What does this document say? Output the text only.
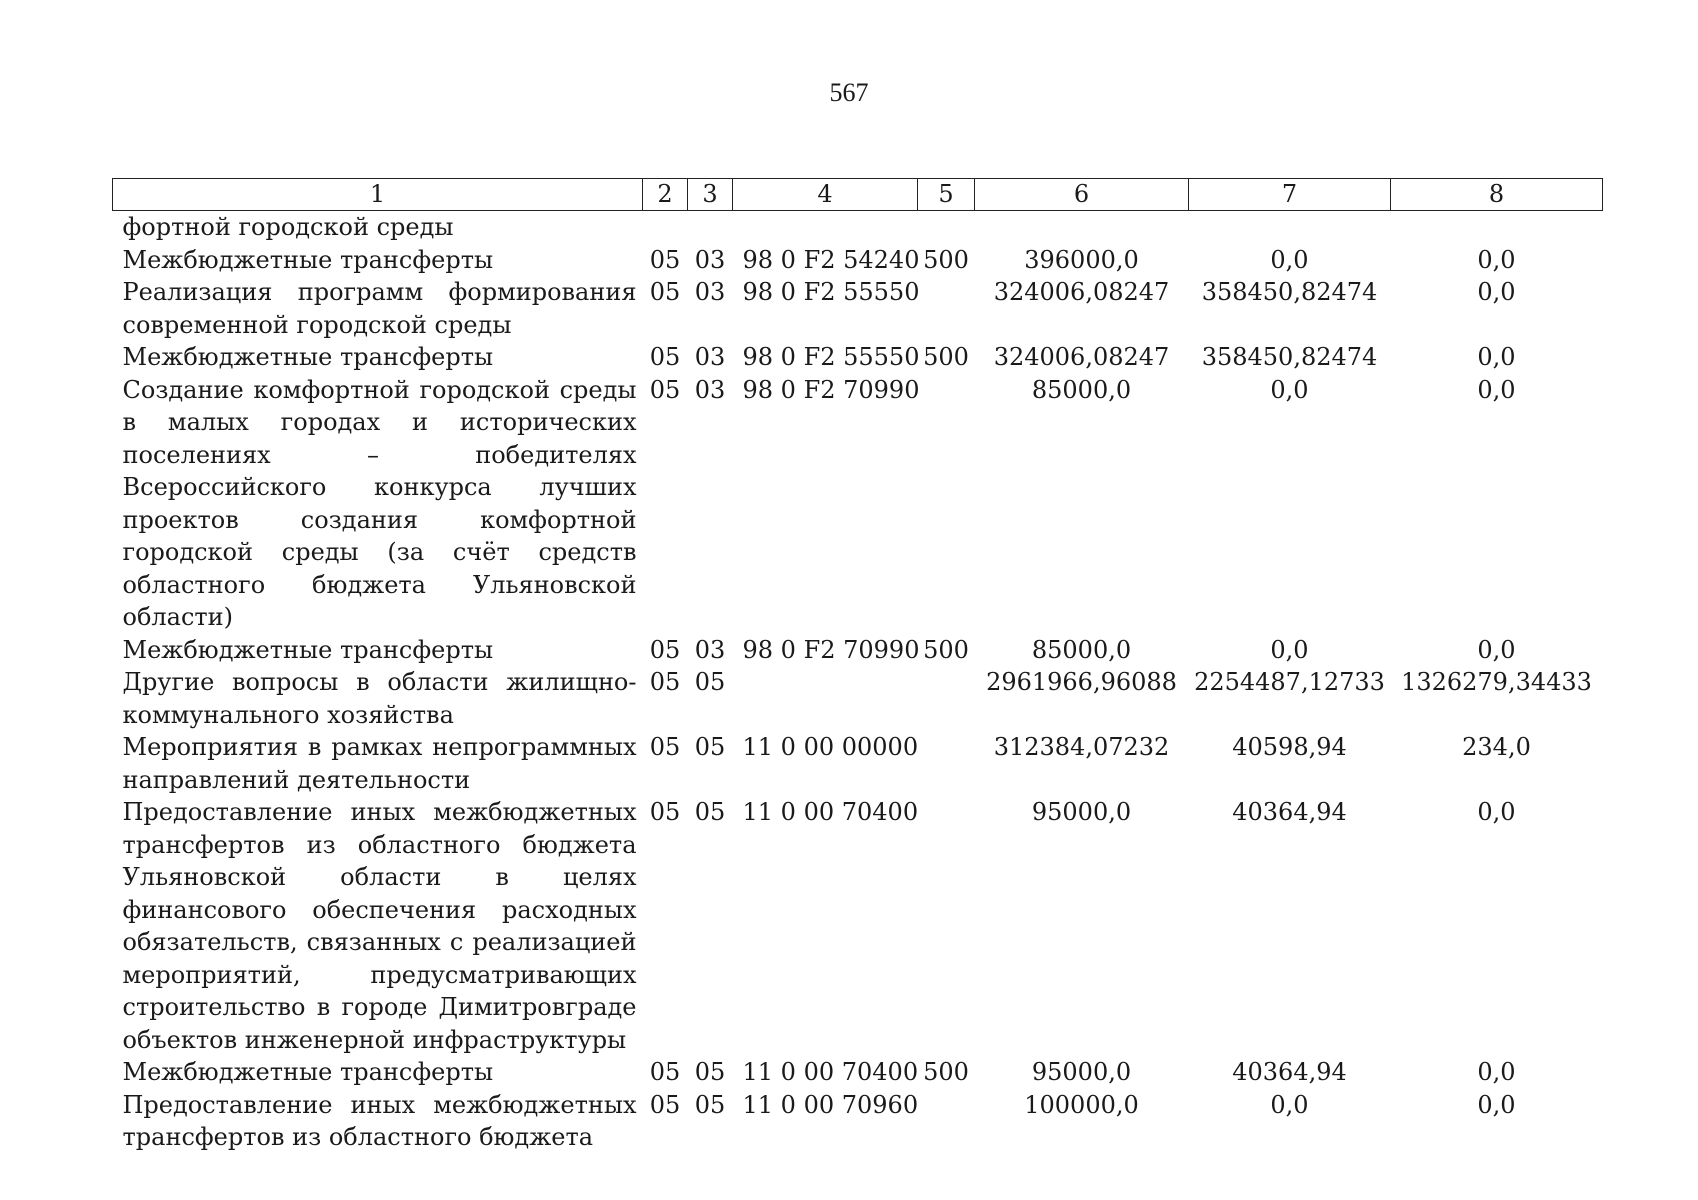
567
1	2	3	4	5	6	7	8
фортной городской среды							
Межбюджетные трансферты	05	03	98 0 F2 54240	500	396000,0	0,0	0,0
Реализация программ формирования современной городской среды	05	03	98 0 F2 55550		324006,08247	358450,82474	0,0
Межбюджетные трансферты	05	03	98 0 F2 55550	500	324006,08247	358450,82474	0,0
Создание комфортной городской среды в малых городах и исторических поселениях – победителях Всероссийского конкурса лучших проектов создания комфортной городской среды (за счёт средств областного бюджета Ульяновской области)	05	03	98 0 F2 70990		85000,0	0,0	0,0
Межбюджетные трансферты	05	03	98 0 F2 70990	500	85000,0	0,0	0,0
Другие вопросы в области жилищно-коммунального хозяйства	05	05			2961966,96088	2254487,12733	1326279,34433
Мероприятия в рамках непрограммных направлений деятельности	05	05	11 0 00 00000		312384,07232	40598,94	234,0
Предоставление иных межбюджетных трансфертов из областного бюджета Ульяновской области в целях финансового обеспечения расходных обязательств, связанных с реализацией мероприятий, предусматривающих строительство в городе Димитровграде объектов инженерной инфраструктуры	05	05	11 0 00 70400		95000,0	40364,94	0,0
Межбюджетные трансферты	05	05	11 0 00 70400	500	95000,0	40364,94	0,0
Предоставление иных межбюджетных трансфертов из областного бюджета	05	05	11 0 00 70960		100000,0	0,0	0,0
